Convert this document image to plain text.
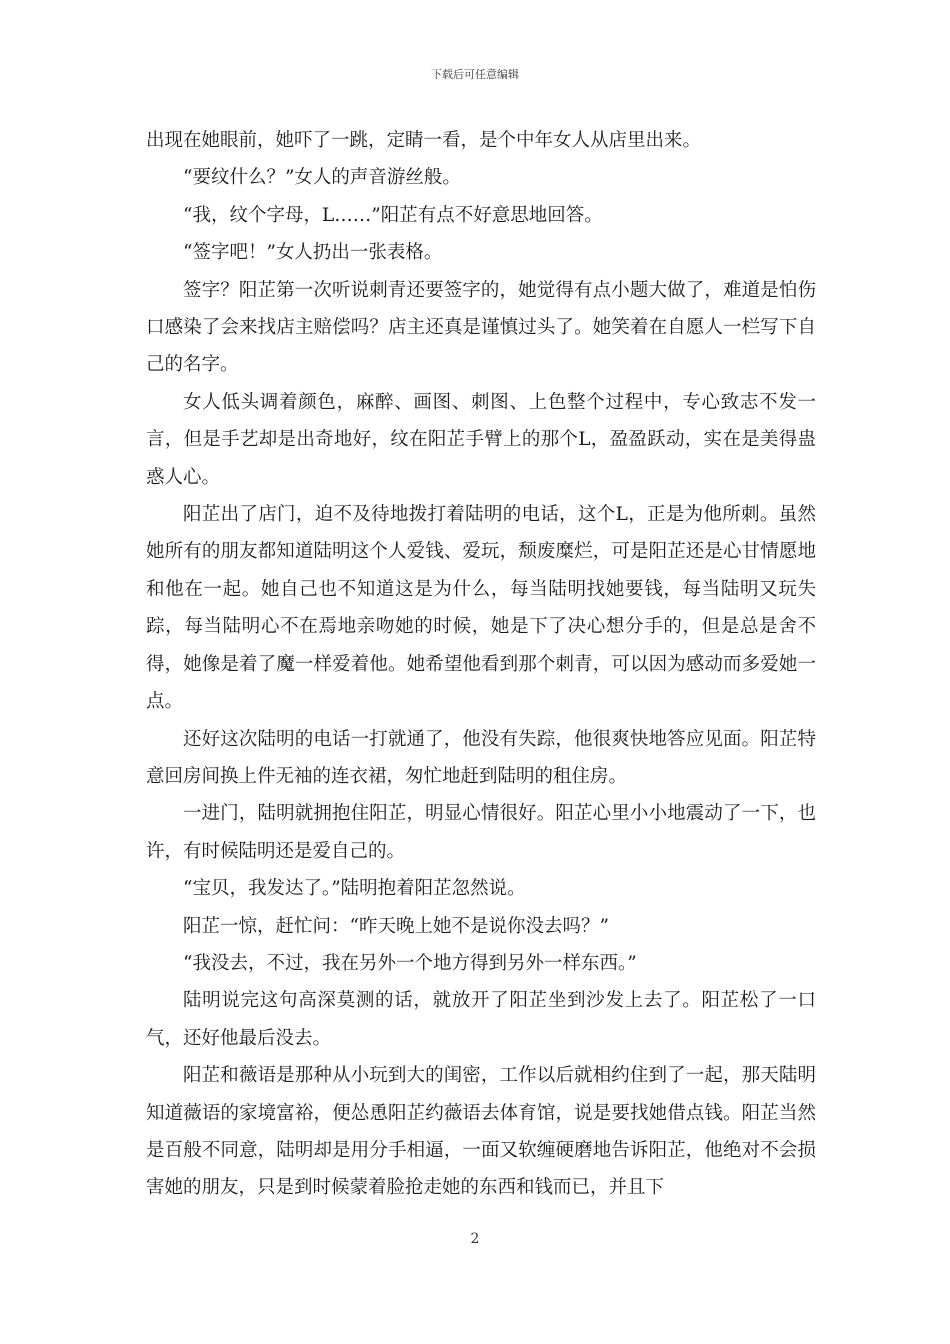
下载后可任意编辑

出现在她眼前，她吓了一跳，定睛一看，是个中年女人从店里出来。

“要纹什么？”女人的声音游丝般。

“我，纹个字母，L……”阳芷有点不好意思地回答。

“签字吧！”女人扔出一张表格。

签字？阳芷第一次听说刺青还要签字的，她觉得有点小题大做了，难道是怕伤口感染了会来找店主赔偿吗？店主还真是谨慎过头了。她笑着在自愿人一栏写下自己的名字。

女人低头调着颜色，麻醉、画图、刺图、上色整个过程中，专心致志不发一言，但是手艺却是出奇地好，纹在阳芷手臂上的那个L，盈盈跃动，实在是美得蛊惑人心。

阳芷出了店门，迫不及待地拨打着陆明的电话，这个L，正是为他所刺。虽然她所有的朋友都知道陆明这个人爱钱、爱玩，颓废糜烂，可是阳芷还是心甘情愿地和他在一起。她自己也不知道这是为什么，每当陆明找她要钱，每当陆明又玩失踪，每当陆明心不在焉地亲吻她的时候，她是下了决心想分手的，但是总是舍不得，她像是着了魔一样爱着他。她希望他看到那个刺青，可以因为感动而多爱她一点。

还好这次陆明的电话一打就通了，他没有失踪，他很爽快地答应见面。阳芷特意回房间换上件无袖的连衣裙，匆忙地赶到陆明的租住房。

一进门，陆明就拥抱住阳芷，明显心情很好。阳芷心里小小地震动了一下，也许，有时候陆明还是爱自己的。

“宝贝，我发达了。”陆明抱着阳芷忽然说。

阳芷一惊，赶忙问：“昨天晚上她不是说你没去吗？”

“我没去，不过，我在另外一个地方得到另外一样东西。”

陆明说完这句高深莫测的话，就放开了阳芷坐到沙发上去了。阳芷松了一口气，还好他最后没去。

阳芷和薇语是那种从小玩到大的闺密，工作以后就相约住到了一起，那天陆明知道薇语的家境富裕，便怂恿阳芷约薇语去体育馆，说是要找她借点钱。阳芷当然是百般不同意，陆明却是用分手相逼，一面又软缠硬磨地告诉阳芷，他绝对不会损害她的朋友，只是到时候蒙着脸抢走她的东西和钱而已，并且下

2
